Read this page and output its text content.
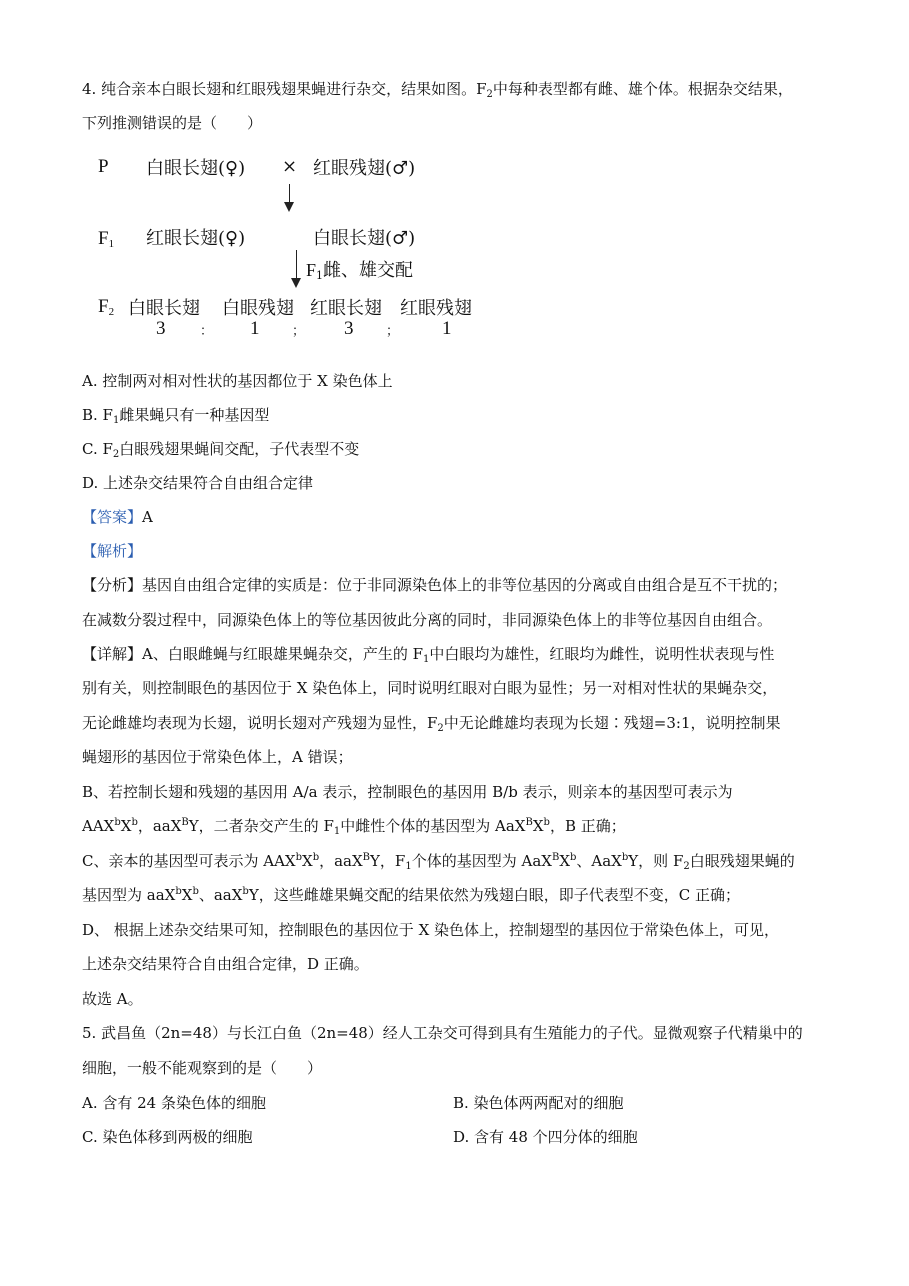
4. 纯合亲本白眼长翅和红眼残翅果蝇进行杂交，结果如图。$F_2$中每种表型都有雌、雄个体。根据杂交结果，
下列推测错误的是（　　）
P 白眼长翅(♀) × 红眼残翅(♂)
$F_1$ 红眼长翅(♀)	白眼长翅(♂)
$F_1$雌、雄交配
$F_2$ 白眼长翅 白眼残翅 红眼长翅 红眼残翅
3	： 1	； 3	； 1
A. 控制两对相对性状的基因都位于 X 染色体上
B. $F_1$雌果蝇只有一种基因型
C. $F_2$白眼残翅果蝇间交配，子代表型不变
D. 上述杂交结果符合自由组合定律
【答案】A
【解析】
【分析】基因自由组合定律的实质是：位于非同源染色体上的非等位基因的分离或自由组合是互不干扰的；
在减数分裂过程中，同源染色体上的等位基因彼此分离的同时，非同源染色体上的非等位基因自由组合。
【详解】A、白眼雌蝇与红眼雄果蝇杂交，产生的 $F_1$中白眼均为雄性，红眼均为雌性，说明性状表现与性
别有关，则控制眼色的基因位于 X 染色体上，同时说明红眼对白眼为显性；另一对相对性状的果蝇杂交，
无论雌雄均表现为长翅，说明长翅对产残翅为显性，$F_2$中无论雌雄均表现为长翅∶残翅=3:1，说明控制果
蝇翅形的基因位于常染色体上，A 错误；
B、若控制长翅和残翅的基因用 A/a 表示，控制眼色的基因用 B/b 表示，则亲本的基因型可表示为
$AAX^bX^b$，aaX$^B$Y，二者杂交产生的 $F_1$中雌性个体的基因型为 $AaX^BX^b$，B 正确；
C、亲本的基因型可表示为 $AAX^bX^b$，aaX$^B$Y，$F_1$个体的基因型为 $AaX^BX^b$、AaX$^b$Y，则 $F_2$白眼残翅果蝇的
基因型为 $aaX^bX^b$、aaX$^b$Y，这些雌雄果蝇交配的结果依然为残翅白眼，即子代表型不变，C 正确；
D、 根据上述杂交结果可知，控制眼色的基因位于 X 染色体上，控制翅型的基因位于常染色体上，可见，
上述杂交结果符合自由组合定律，D 正确。
故选 A。
5. 武昌鱼（2n=48）与长江白鱼（2n=48）经人工杂交可得到具有生殖能力的子代。显微观察子代精巢中的
细胞，一般不能观察到的是（　　）
A. 含有 24 条染色体的细胞	B. 染色体两两配对的细胞
C. 染色体移到两极的细胞	D. 含有 48 个四分体的细胞
